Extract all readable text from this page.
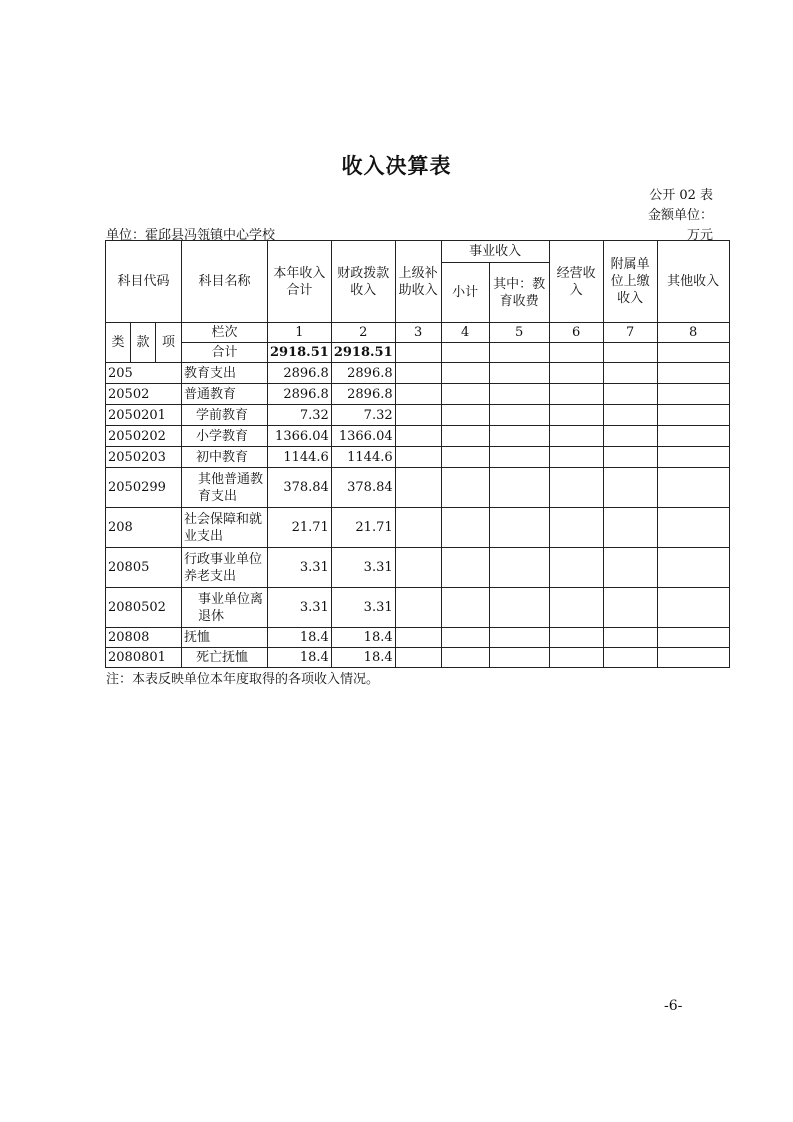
收入决算表
公开 02 表
金额单位：
万元
单位：霍邱县冯瓴镇中心学校
科目代码			科目名称	本年收入合计	财政拨款收入	上级补助收入	事业收入		经营收入	附属单位上缴收入	其他收入
							小计	其中：教育收费			

类	款	项	栏次	1	2	3	4	5	6	7	8
			合计	2918.51	2918.51						
205			教育支出	2896.8	2896.8						
20502			普通教育	2896.8	2896.8						
2050201			学前教育	7.32	7.32						
2050202			小学教育	1366.04	1366.04						
2050203			初中教育	1144.6	1144.6						
2050299			其他普通教育支出	378.84	378.84						
208			社会保障和就业支出	21.71	21.71						
20805			行政事业单位养老支出	3.31	3.31						
2080502			事业单位离退休	3.31	3.31						
20808			抚恤	18.4	18.4						
2080801			死亡抚恤	18.4	18.4						
注：本表反映单位本年度取得的各项收入情况。
-6-
